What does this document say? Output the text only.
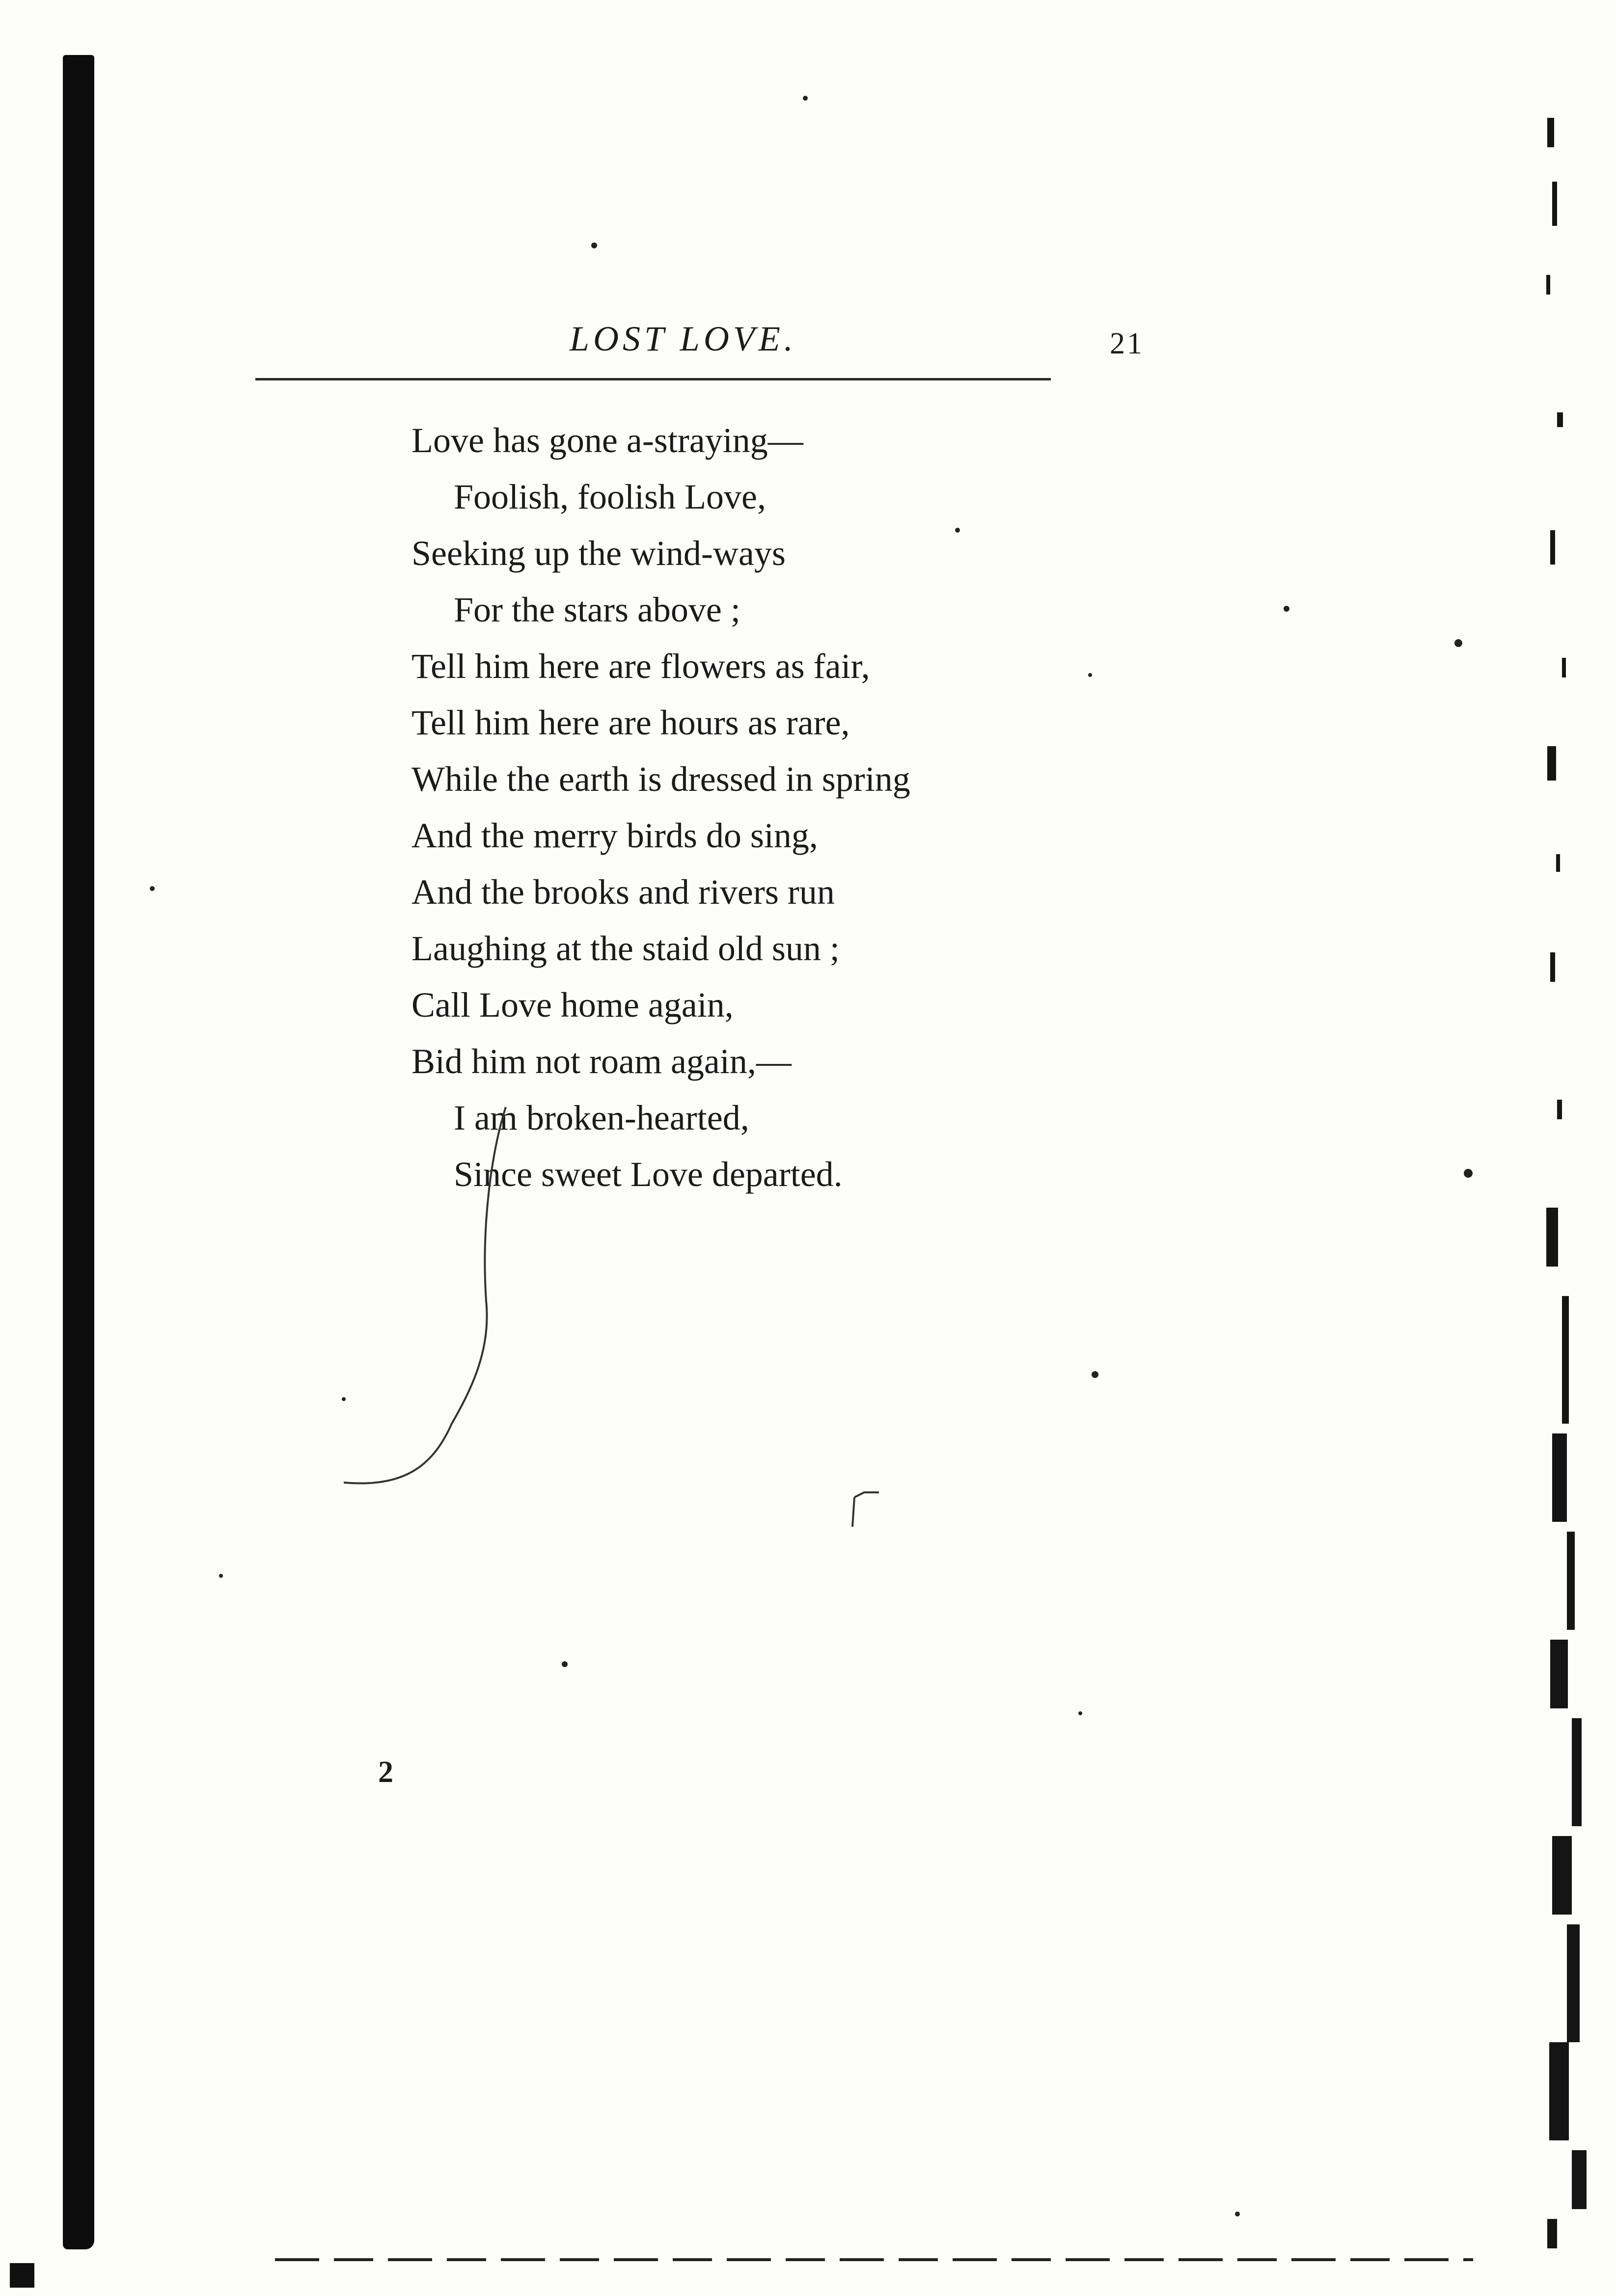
LOST LOVE.	21
Love has gone a-straying—
Foolish, foolish Love,
Seeking up the wind-ways
For the stars above ;
Tell him here are flowers as fair,
Tell him here are hours as rare,
While the earth is dressed in spring
And the merry birds do sing,
And the brooks and rivers run
Laughing at the staid old sun ;
Call Love home again,
Bid him not roam again,—
I am broken-hearted,
Since sweet Love departed.
2
